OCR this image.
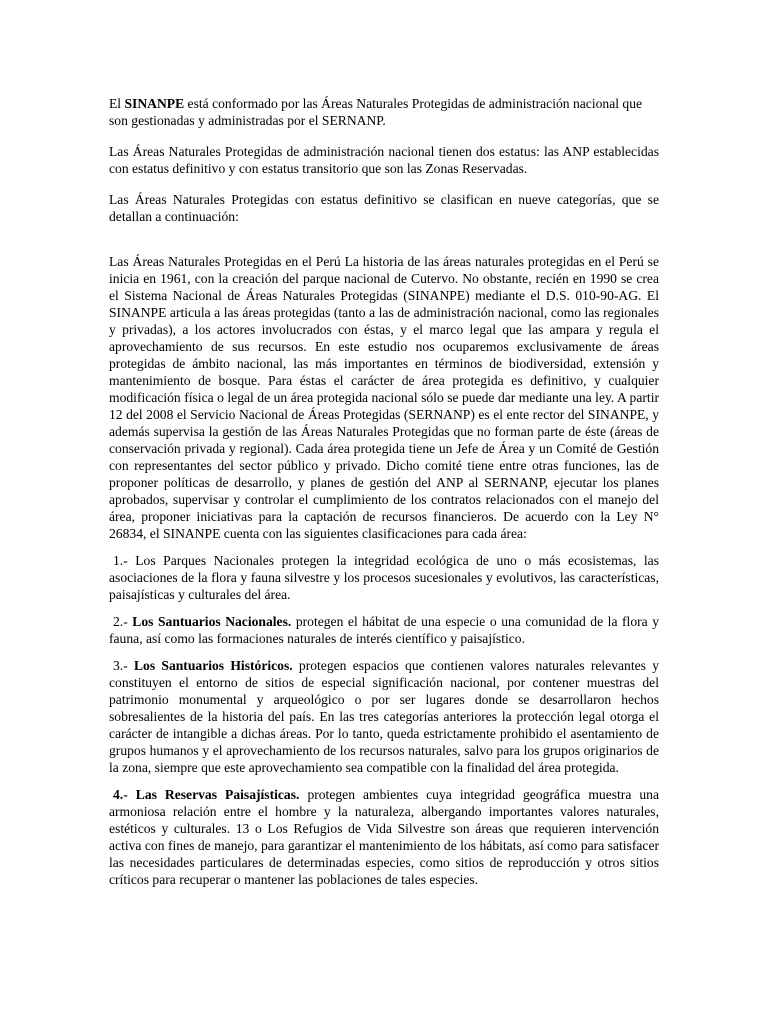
El SINANPE está conformado por las Áreas Naturales Protegidas de administración nacional que son gestionadas y administradas por el SERNANP.

Las Áreas Naturales Protegidas de administración nacional tienen dos estatus: las ANP establecidas con estatus definitivo y con estatus transitorio que son las Zonas Reservadas.

Las Áreas Naturales Protegidas con estatus definitivo se clasifican en nueve categorías, que se detallan a continuación:

Las Áreas Naturales Protegidas en el Perú La historia de las áreas naturales protegidas en el Perú se inicia en 1961, con la creación del parque nacional de Cutervo. No obstante, recién en 1990 se crea el Sistema Nacional de Áreas Naturales Protegidas (SINANPE) mediante el D.S. 010-90-AG. El SINANPE articula a las áreas protegidas (tanto a las de administración nacional, como las regionales y privadas), a los actores involucrados con éstas, y el marco legal que las ampara y regula el aprovechamiento de sus recursos. En este estudio nos ocuparemos exclusivamente de áreas protegidas de ámbito nacional, las más importantes en términos de biodiversidad, extensión y mantenimiento de bosque. Para éstas el carácter de área protegida es definitivo, y cualquier modificación física o legal de un área protegida nacional sólo se puede dar mediante una ley. A partir 12 del 2008 el Servicio Nacional de Áreas Protegidas (SERNANP) es el ente rector del SINANPE, y además supervisa la gestión de las Áreas Naturales Protegidas que no forman parte de éste (áreas de conservación privada y regional). Cada área protegida tiene un Jefe de Área y un Comité de Gestión con representantes del sector público y privado. Dicho comité tiene entre otras funciones, las de proponer políticas de desarrollo, y planes de gestión del ANP al SERNANP, ejecutar los planes aprobados, supervisar y controlar el cumplimiento de los contratos relacionados con el manejo del área, proponer iniciativas para la captación de recursos financieros. De acuerdo con la Ley N° 26834, el SINANPE cuenta con las siguientes clasificaciones para cada área:

1.- Los Parques Nacionales protegen la integridad ecológica de uno o más ecosistemas, las asociaciones de la flora y fauna silvestre y los procesos sucesionales y evolutivos, las características, paisajísticas y culturales del área.

2.- Los Santuarios Nacionales. protegen el hábitat de una especie o una comunidad de la flora y fauna, así como las formaciones naturales de interés científico y paisajístico.

3.- Los Santuarios Históricos. protegen espacios que contienen valores naturales relevantes y constituyen el entorno de sitios de especial significación nacional, por contener muestras del patrimonio monumental y arqueológico o por ser lugares donde se desarrollaron hechos sobresalientes de la historia del país. En las tres categorías anteriores la protección legal otorga el carácter de intangible a dichas áreas. Por lo tanto, queda estrictamente prohibido el asentamiento de grupos humanos y el aprovechamiento de los recursos naturales, salvo para los grupos originarios de la zona, siempre que este aprovechamiento sea compatible con la finalidad del área protegida.

4.- Las Reservas Paisajísticas. protegen ambientes cuya integridad geográfica muestra una armoniosa relación entre el hombre y la naturaleza, albergando importantes valores naturales, estéticos y culturales. 13 o Los Refugios de Vida Silvestre son áreas que requieren intervención activa con fines de manejo, para garantizar el mantenimiento de los hábitats, así como para satisfacer las necesidades particulares de determinadas especies, como sitios de reproducción y otros sitios críticos para recuperar o mantener las poblaciones de tales especies.
